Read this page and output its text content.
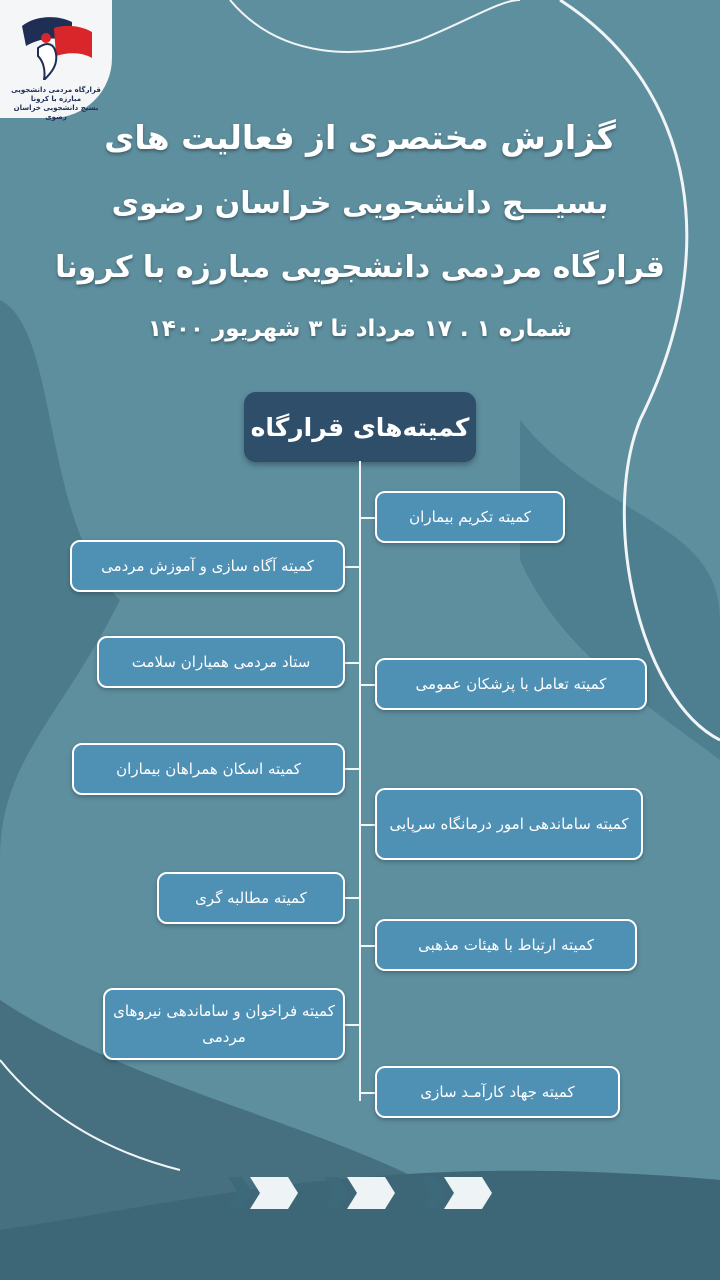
قرارگاه مردمی دانشجویی مبارزه با کرونا
بسیج دانشجویی خراسان رضوی
گزارش مختصری از فعالیت های
بسیـــج دانشجویی خراسان رضوی
قرارگاه مردمی دانشجویی مبارزه با کرونا
شماره ۱ . ۱۷ مرداد تا ۳ شهریور ۱۴۰۰
کمیته‌های قرارگاه
کمیته تکریم بیماران
کمیته آگاه سازی و آموزش مردمی
ستاد مردمی همیاران سلامت
کمیته تعامل با پزشکان عمومی
کمیته اسکان همراهان بیماران
کمیته ساماندهی امور درمانگاه سرپایی
کمیته مطالبه گری
کمیته ارتباط با هیئات مذهبی
کمیته فراخوان و ساماندهی نیروهای مردمی
کمیته جهاد کارآمـد سازی
